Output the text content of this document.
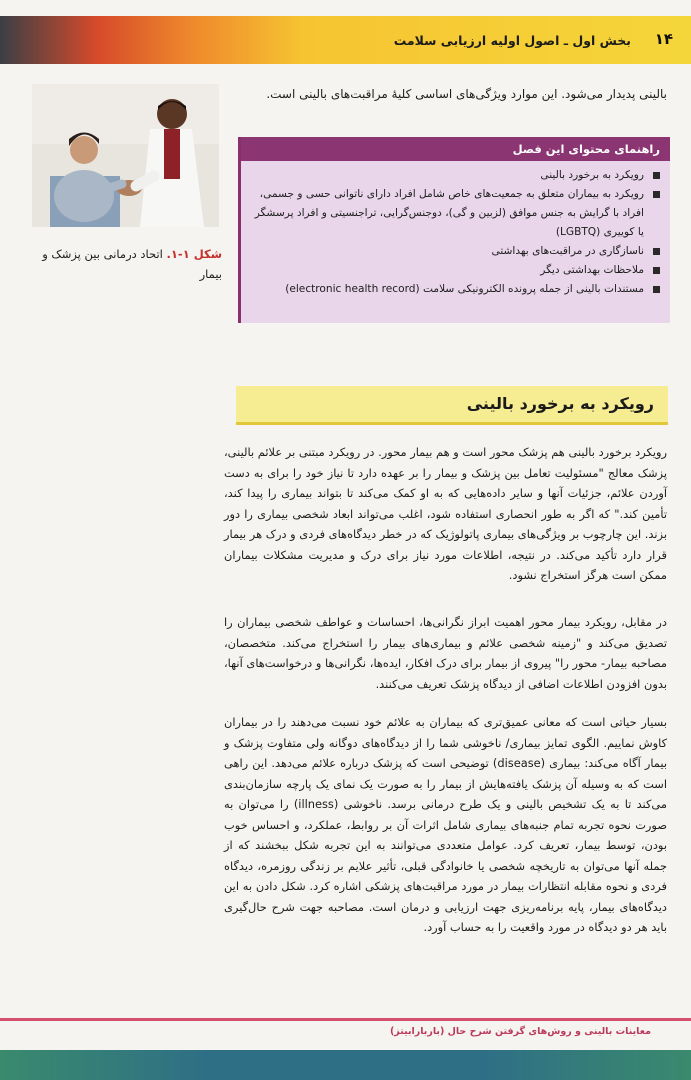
۱۴
بخش اول ـ اصول اولیه ارزیابی سلامت
بالینی پدیدار می‌شود. این موارد ویژگی‌های اساسی کلیهٔ مراقبت‌های بالینی است.
راهنمای محتوای این فصل
رویکرد به برخورد بالینی
رویکرد به بیماران متعلق به جمعیت‌های خاص شامل افراد دارای ناتوانی حسی و جسمی، افراد با گرایش به جنس موافق (لزبین و گی)، دوجنس‌گرایی، تراجنسیتی و افراد پرسشگر یا کوییری (LGBTQ)
ناسازگاری در مراقبت‌های بهداشتی
ملاحظات بهداشتی دیگر
مستندات بالینی از جمله پرونده الکترونیکی سلامت (electronic health record)
شکل ۱-۱. اتحاد درمانی بین پزشک و بیمار
رویکرد به برخورد بالینی
رویکرد برخورد بالینی هم پزشک محور است و هم بیمار محور. در رویکرد مبتنی بر علائم بالینی، پزشک معالج "مسئولیت تعامل بین پزشک و بیمار را بر عهده دارد تا نیاز خود را برای به دست آوردن علائم، جزئیات آنها و سایر داده‌هایی که به او کمک می‌کند تا بتواند بیماری را پیدا کند، تأمین کند." که اگر به طور انحصاری استفاده شود، اغلب می‌تواند ابعاد شخصی بیماری را دور بزند. این چارچوب بر ویژگی‌های بیماری پاتولوژیک که در خطر دیدگاه‌های فردی و درک هر بیمار قرار دارد تأکید می‌کند. در نتیجه، اطلاعات مورد نیاز برای درک و مدیریت مشکلات بیماران ممکن است هرگز استخراج نشود.
در مقابل، رویکرد بیمار محور اهمیت ابراز نگرانی‌ها، احساسات و عواطف شخصی بیماران را تصدیق می‌کند و "زمینه شخصی علائم و بیماری‌های بیمار را استخراج می‌کند. متخصصان، مصاحبه بیمار- محور را" پیروی از بیمار برای درک افکار، ایده‌ها، نگرانی‌ها و درخواست‌های آنها، بدون افزودن اطلاعات اضافی از دیدگاه پزشک تعریف می‌کنند.
بسیار حیاتی است که معانی عمیق‌تری که بیماران به علائم خود نسبت می‌دهند را در بیماران کاوش نماییم. الگوی تمایز بیماری/ ناخوشی شما را از دیدگاه‌های دوگانه ولی متفاوت پزشک و بیمار آگاه می‌کند: بیماری (disease) توضیحی است که پزشک درباره علائم می‌دهد. این راهی است که به وسیله آن پزشک یافته‌هایش از بیمار را به صورت یک نمای یک پارچه سازمان‌بندی می‌کند تا به یک تشخیص بالینی و یک طرح درمانی برسد. ناخوشی (illness) را می‌توان به صورت نحوه تجربه تمام جنبه‌های بیماری شامل اثرات آن بر روابط، عملکرد، و احساس خوب بودن، توسط بیمار، تعریف کرد. عوامل متعددی می‌توانند به این تجربه شکل ببخشند که از جمله آنها می‌توان به تاریخچه شخصی یا خانوادگی قبلی، تأثیر علایم بر زندگی روزمره، دیدگاه فردی و نحوه مقابله انتظارات بیمار در مورد مراقبت‌های پزشکی اشاره کرد. شکل دادن به این دیدگاه‌های بیمار، پایه برنامه‌ریزی جهت ارزیابی و درمان است. مصاحبه جهت شرح حال‌گیری باید هر دو دیدگاه در مورد واقعیت را به حساب آورد.
معاینات بالینی و روش‌های گرفتن شرح حال (باربارابیتز)
